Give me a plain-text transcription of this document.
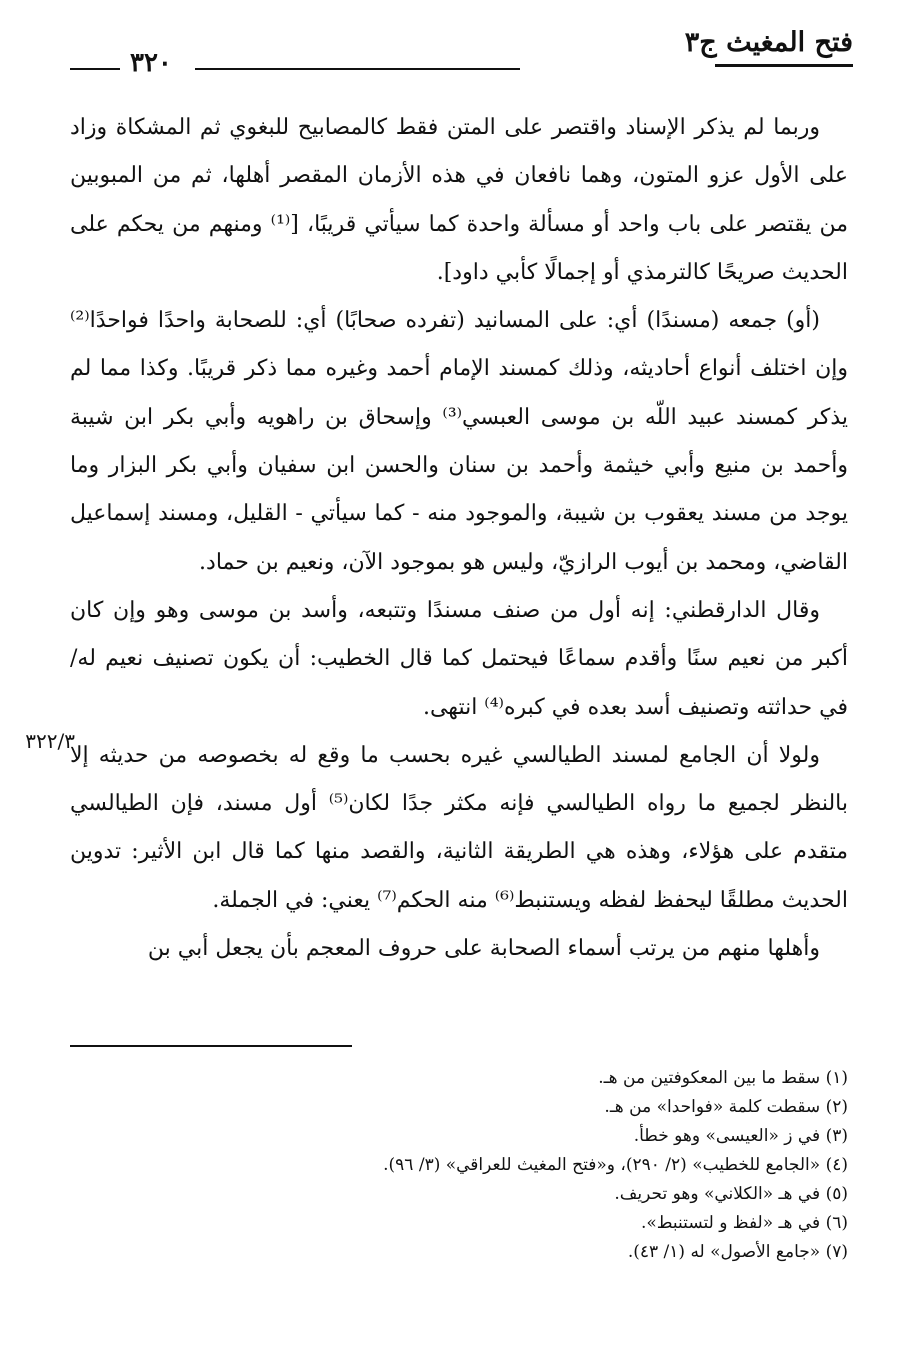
فتح المغيث ج٣
٣٢٠

وربما لم يذكر الإسناد واقتصر على المتن فقط كالمصابيح للبغوي ثم المشكاة وزاد على الأول عزو المتون، وهما نافعان في هذه الأزمان المقصر أهلها، ثم من المبوبين من يقتصر على باب واحد أو مسألة واحدة كما سيأتي قريبًا، [⁽¹⁾ ومنهم من يحكم على الحديث صريحًا كالترمذي أو إجمالًا كأبي داود].

(أو) جمعه (مسندًا) أي: على المسانيد (تفرده صحابًا) أي: للصحابة واحدًا فواحدًا⁽²⁾ وإن اختلف أنواع أحاديثه، وذلك كمسند الإمام أحمد وغيره مما ذكر قريبًا. وكذا مما لم يذكر كمسند عبيد اللّه بن موسى العبسي⁽³⁾ وإسحاق بن راهويه وأبي بكر ابن شيبة وأحمد بن منيع وأبي خيثمة وأحمد بن سنان والحسن ابن سفيان وأبي بكر البزار وما يوجد من مسند يعقوب بن شيبة، والموجود منه - كما سيأتي - القليل، ومسند إسماعيل القاضي، ومحمد بن أيوب الرازيّ، وليس هو بموجود الآن، ونعيم بن حماد.

وقال الدارقطني: إنه أول من صنف مسندًا وتتبعه، وأسد بن موسى وهو وإن كان أكبر من نعيم سنًا وأقدم سماعًا فيحتمل كما قال الخطيب: أن يكون تصنيف نعيم له/ في حداثته وتصنيف أسد بعده في كبره⁽⁴⁾ انتهى.

ولولا أن الجامع لمسند الطيالسي غيره بحسب ما وقع له بخصوصه من حديثه إلا بالنظر لجميع ما رواه الطيالسي فإنه مكثر جدًا لكان⁽⁵⁾ أول مسند، فإن الطيالسي متقدم على هؤلاء، وهذه هي الطريقة الثانية، والقصد منها كما قال ابن الأثير: تدوين الحديث مطلقًا ليحفظ لفظه ويستنبط⁽⁶⁾ منه الحكم⁽⁷⁾ يعني: في الجملة.

وأهلها منهم من يرتب أسماء الصحابة على حروف المعجم بأن يجعل أبي بن

٣٢٢/٣

(١) سقط ما بين المعكوفتين من هـ.

(٢) سقطت كلمة «فواحدا» من هـ.

(٣) في ز «العيسى» وهو خطأ.

(٤) «الجامع للخطيب» (٢/ ٢٩٠)، و«فتح المغيث للعراقي» (٣/ ٩٦).

(٥) في هـ «الكلاني» وهو تحريف.

(٦) في هـ «لفظ و لتستنبط».

(٧) «جامع الأصول» له (١/ ٤٣).
